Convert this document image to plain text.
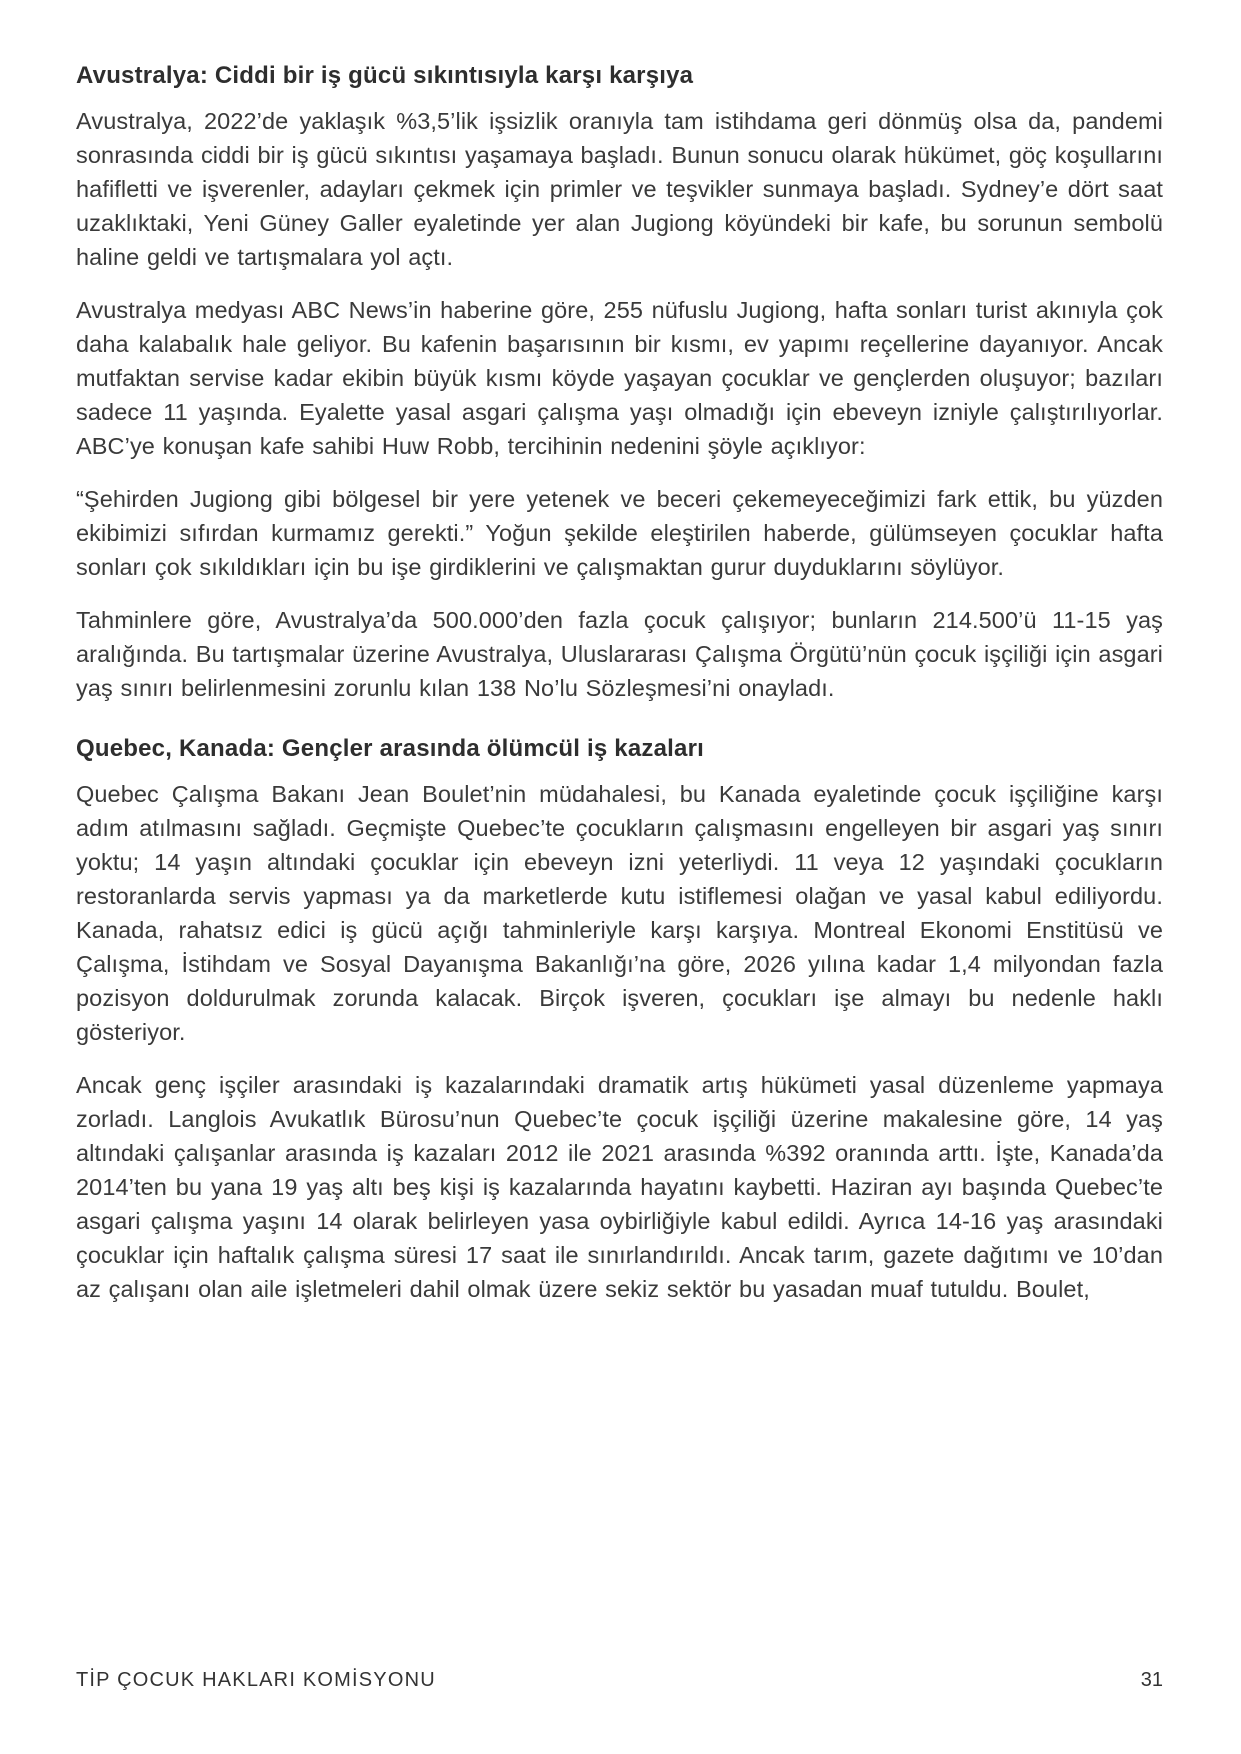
Avustralya: Ciddi bir iş gücü sıkıntısıyla karşı karşıya

Avustralya, 2022’de yaklaşık %3,5’lik işsizlik oranıyla tam istihdama geri dönmüş olsa da, pandemi sonrasında ciddi bir iş gücü sıkıntısı yaşamaya başladı. Bunun sonucu olarak hükümet, göç koşullarını hafifletti ve işverenler, adayları çekmek için primler ve teşvikler sunmaya başladı. Sydney’e dört saat uzaklıktaki, Yeni Güney Galler eyaletinde yer alan Jugiong köyündeki bir kafe, bu sorunun sembolü haline geldi ve tartışmalara yol açtı.

Avustralya medyası ABC News’in haberine göre, 255 nüfuslu Jugiong, hafta sonları turist akınıyla çok daha kalabalık hale geliyor. Bu kafenin başarısının bir kısmı, ev yapımı reçellerine dayanıyor. Ancak mutfaktan servise kadar ekibin büyük kısmı köyde yaşayan çocuklar ve gençlerden oluşuyor; bazıları sadece 11 yaşında. Eyalette yasal asgari çalışma yaşı olmadığı için ebeveyn izniyle çalıştırılıyorlar. ABC’ye konuşan kafe sahibi Huw Robb, tercihinin nedenini şöyle açıklıyor:

“Şehirden Jugiong gibi bölgesel bir yere yetenek ve beceri çekemeyeceğimizi fark ettik, bu yüzden ekibimizi sıfırdan kurmamız gerekti.” Yoğun şekilde eleştirilen haberde, gülümseyen çocuklar hafta sonları çok sıkıldıkları için bu işe girdiklerini ve çalışmaktan gurur duyduklarını söylüyor.

Tahminlere göre, Avustralya’da 500.000’den fazla çocuk çalışıyor; bunların 214.500’ü 11-15 yaş aralığında. Bu tartışmalar üzerine Avustralya, Uluslararası Çalışma Örgütü’nün çocuk işçiliği için asgari yaş sınırı belirlenmesini zorunlu kılan 138 No’lu Sözleşmesi’ni onayladı.

Quebec, Kanada: Gençler arasında ölümcül iş kazaları

Quebec Çalışma Bakanı Jean Boulet’nin müdahalesi, bu Kanada eyaletinde çocuk işçiliğine karşı adım atılmasını sağladı. Geçmişte Quebec’te çocukların çalışmasını engelleyen bir asgari yaş sınırı yoktu; 14 yaşın altındaki çocuklar için ebeveyn izni yeterliydi. 11 veya 12 yaşındaki çocukların restoranlarda servis yapması ya da marketlerde kutu istiflemesi olağan ve yasal kabul ediliyordu. Kanada, rahatsız edici iş gücü açığı tahminleriyle karşı karşıya. Montreal Ekonomi Enstitüsü ve Çalışma, İstihdam ve Sosyal Dayanışma Bakanlığı’na göre, 2026 yılına kadar 1,4 milyondan fazla pozisyon doldurulmak zorunda kalacak. Birçok işveren, çocukları işe almayı bu nedenle haklı gösteriyor.

Ancak genç işçiler arasındaki iş kazalarındaki dramatik artış hükümeti yasal düzenleme yapmaya zorladı. Langlois Avukatlık Bürosu’nun Quebec’te çocuk işçiliği üzerine makalesine göre, 14 yaş altındaki çalışanlar arasında iş kazaları 2012 ile 2021 arasında %392 oranında arttı. İşte, Kanada’da 2014’ten bu yana 19 yaş altı beş kişi iş kazalarında hayatını kaybetti. Haziran ayı başında Quebec’te asgari çalışma yaşını 14 olarak belirleyen yasa oybirliğiyle kabul edildi. Ayrıca 14-16 yaş arasındaki çocuklar için haftalık çalışma süresi 17 saat ile sınırlandırıldı. Ancak tarım, gazete dağıtımı ve 10’dan az çalışanı olan aile işletmeleri dahil olmak üzere sekiz sektör bu yasadan muaf tutuldu. Boulet,

TİP ÇOCUK HAKLARI KOMİSYONU	31
